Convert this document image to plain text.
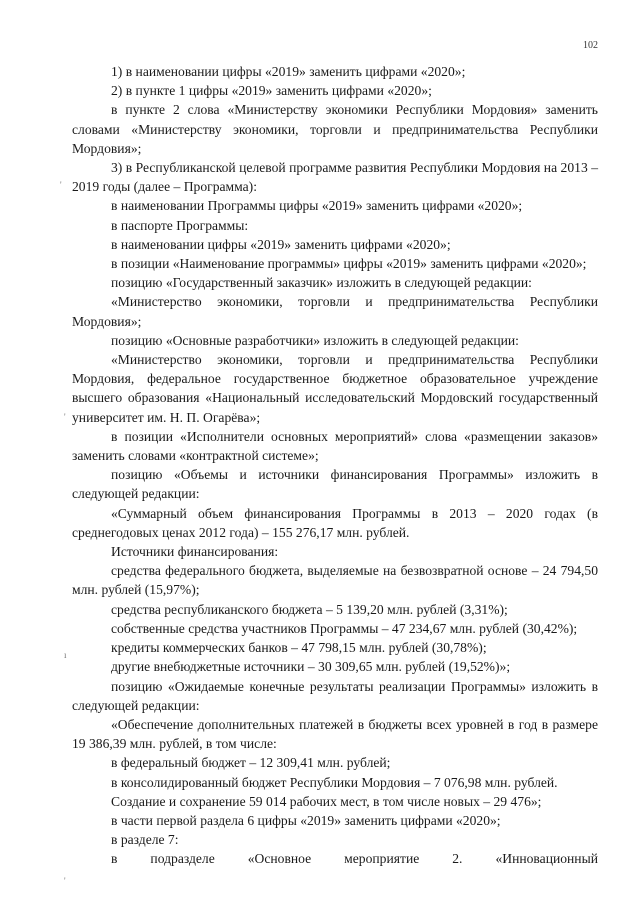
102
'
'
ı
'

1) в наименовании цифры «2019» заменить цифрами «2020»;

2) в пункте 1 цифры «2019» заменить цифрами «2020»;

в пункте 2 слова «Министерству экономики Республики Мордовия» заменить словами «Министерству экономики, торговли и предпринимательства Республики Мордовия»;

3) в Республиканской целевой программе развития Республики Мордовия на 2013 – 2019 годы (далее – Программа):

в наименовании Программы цифры «2019» заменить цифрами «2020»;

в паспорте Программы:

в наименовании цифры «2019» заменить цифрами «2020»;

в позиции «Наименование программы» цифры «2019» заменить цифрами «2020»;

позицию «Государственный заказчик» изложить в следующей редакции:

«Министерство экономики, торговли и предпринимательства Республики Мордовия»;

позицию «Основные разработчики» изложить в следующей редакции:

«Министерство экономики, торговли и предпринимательства Республики Мордовия, федеральное государственное бюджетное образовательное учреждение высшего образования «Национальный исследовательский Мордовский государственный университет им. Н. П. Огарёва»;

в позиции «Исполнители основных мероприятий» слова «размещении заказов» заменить словами «контрактной системе»;

позицию «Объемы и источники финансирования Программы» изложить в следующей редакции:

«Суммарный объем финансирования Программы в 2013 – 2020 годах (в среднегодовых ценах 2012 года) – 155 276,17 млн. рублей.

Источники финансирования:

средства федерального бюджета, выделяемые на безвозвратной основе – 24 794,50 млн. рублей (15,97%);

средства республиканского бюджета – 5 139,20 млн. рублей (3,31%);

собственные средства участников Программы – 47 234,67 млн. рублей (30,42%);

кредиты коммерческих банков – 47 798,15 млн. рублей (30,78%);

другие внебюджетные источники – 30 309,65 млн. рублей (19,52%)»;

позицию «Ожидаемые конечные результаты реализации Программы» изложить в следующей редакции:

«Обеспечение дополнительных платежей в бюджеты всех уровней в год в размере 19 386,39 млн. рублей, в том числе:

в федеральный бюджет – 12 309,41 млн. рублей;

в консолидированный бюджет Республики Мордовия – 7 076,98 млн. рублей.

Создание и сохранение 59 014 рабочих мест, в том числе новых – 29 476»;

в части первой раздела 6 цифры «2019» заменить цифрами «2020»;

в разделе 7:

в подразделе «Основное мероприятие 2. «Инновационный
